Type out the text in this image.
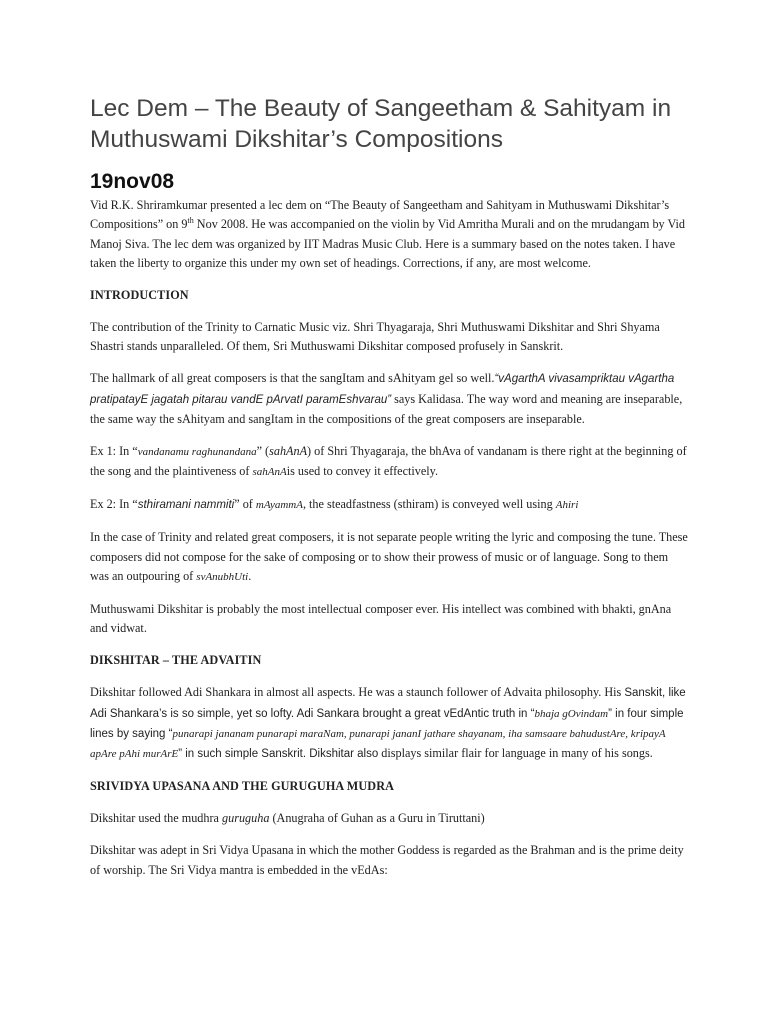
Lec Dem – The Beauty of Sangeetham & Sahityam in Muthuswami Dikshitar’s Compositions
19nov08

Vid R.K. Shriramkumar presented a lec dem on “The Beauty of Sangeetham and Sahityam in Muthuswami Dikshitar’s Compositions” on 9th Nov 2008. He was accompanied on the violin by Vid Amritha Murali and on the mrudangam by Vid Manoj Siva. The lec dem was organized by IIT Madras Music Club. Here is a summary based on the notes taken. I have taken the liberty to organize this under my own set of headings. Corrections, if any, are most welcome.

INTRODUCTION

The contribution of the Trinity to Carnatic Music viz. Shri Thyagaraja, Shri Muthuswami Dikshitar and Shri Shyama Shastri stands unparalleled. Of them, Sri Muthuswami Dikshitar composed profusely in Sanskrit.

The hallmark of all great composers is that the sangItam and sAhityam gel so well.“vAgarthA vivasampriktau vAgartha pratipatayE jagatah pitarau vandE pArvatI paramEshvarau” says Kalidasa. The way word and meaning are inseparable, the same way the sAhityam and sangItam in the compositions of the great composers are inseparable.

Ex 1: In “vandanamu raghunandana” (sahAnA) of Shri Thyagaraja, the bhAva of vandanam is there right at the beginning of the song and the plaintiveness of sahAnAis used to convey it effectively.

Ex 2: In “sthiramani nammiti” of mAyammA, the steadfastness (sthiram) is conveyed well using Ahiri

In the case of Trinity and related great composers, it is not separate people writing the lyric and composing the tune. These composers did not compose for the sake of composing or to show their prowess of music or of language. Song to them was an outpouring of svAnubhUti.

Muthuswami Dikshitar is probably the most intellectual composer ever. His intellect was combined with bhakti, gnAna and vidwat.

DIKSHITAR – THE ADVAITIN

Dikshitar followed Adi Shankara in almost all aspects. He was a staunch follower of Advaita philosophy. His Sanskit, like Adi Shankara’s is so simple, yet so lofty. Adi Sankara brought a great vEdAntic truth in “bhaja gOvindam” in four simple lines by saying “punarapi jananam punarapi maraNam, punarapi jananI jathare shayanam, iha samsaare bahudustAre, kripayA apAre pAhi murArE” in such simple Sanskrit. Dikshitar also displays similar flair for language in many of his songs.

SRIVIDYA UPASANA AND THE GURUGUHA MUDRA

Dikshitar used the mudhra guruguha (Anugraha of Guhan as a Guru in Tiruttani)

Dikshitar was adept in Sri Vidya Upasana in which the mother Goddess is regarded as the Brahman and is the prime deity of worship. The Sri Vidya mantra is embedded in the vEdAs:
